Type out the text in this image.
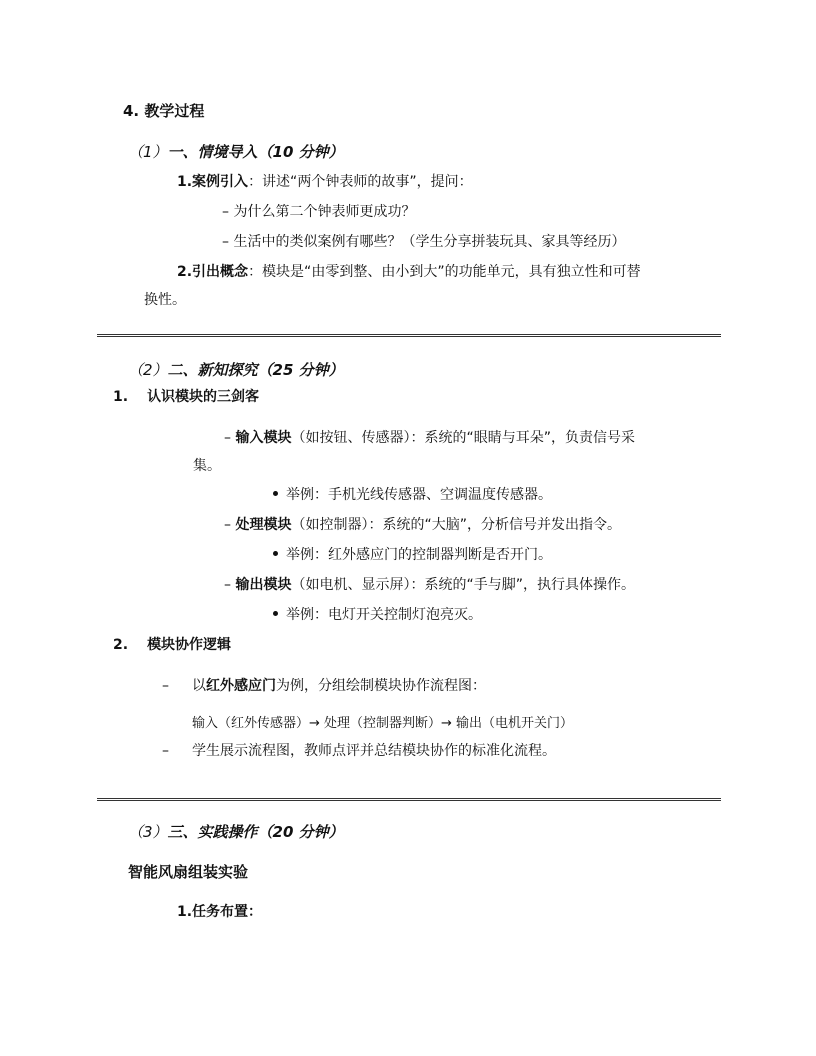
4. 教学过程
（1）一、情境导入（10 分钟）
1.案例引入：讲述“两个钟表师的故事”，提问：
– 为什么第二个钟表师更成功？
– 生活中的类似案例有哪些？（学生分享拼装玩具、家具等经历）
2.引出概念：模块是“由零到整、由小到大”的功能单元，具有独立性和可替
换性。
（2）二、新知探究（25 分钟）
1. 认识模块的三剑客
– 输入模块（如按钮、传感器）：系统的“眼睛与耳朵”，负责信号采
集。
举例：手机光线传感器、空调温度传感器。
– 处理模块（如控制器）：系统的“大脑”，分析信号并发出指令。
举例：红外感应门的控制器判断是否开门。
– 输出模块（如电机、显示屏）：系统的“手与脚”，执行具体操作。
举例：电灯开关控制灯泡亮灭。
2. 模块协作逻辑
– 以红外感应门为例，分组绘制模块协作流程图：
输入（红外传感器）→ 处理（控制器判断）→ 输出（电机开关门）
– 学生展示流程图，教师点评并总结模块协作的标准化流程。
（3）三、实践操作（20 分钟）
智能风扇组装实验
1.任务布置：
